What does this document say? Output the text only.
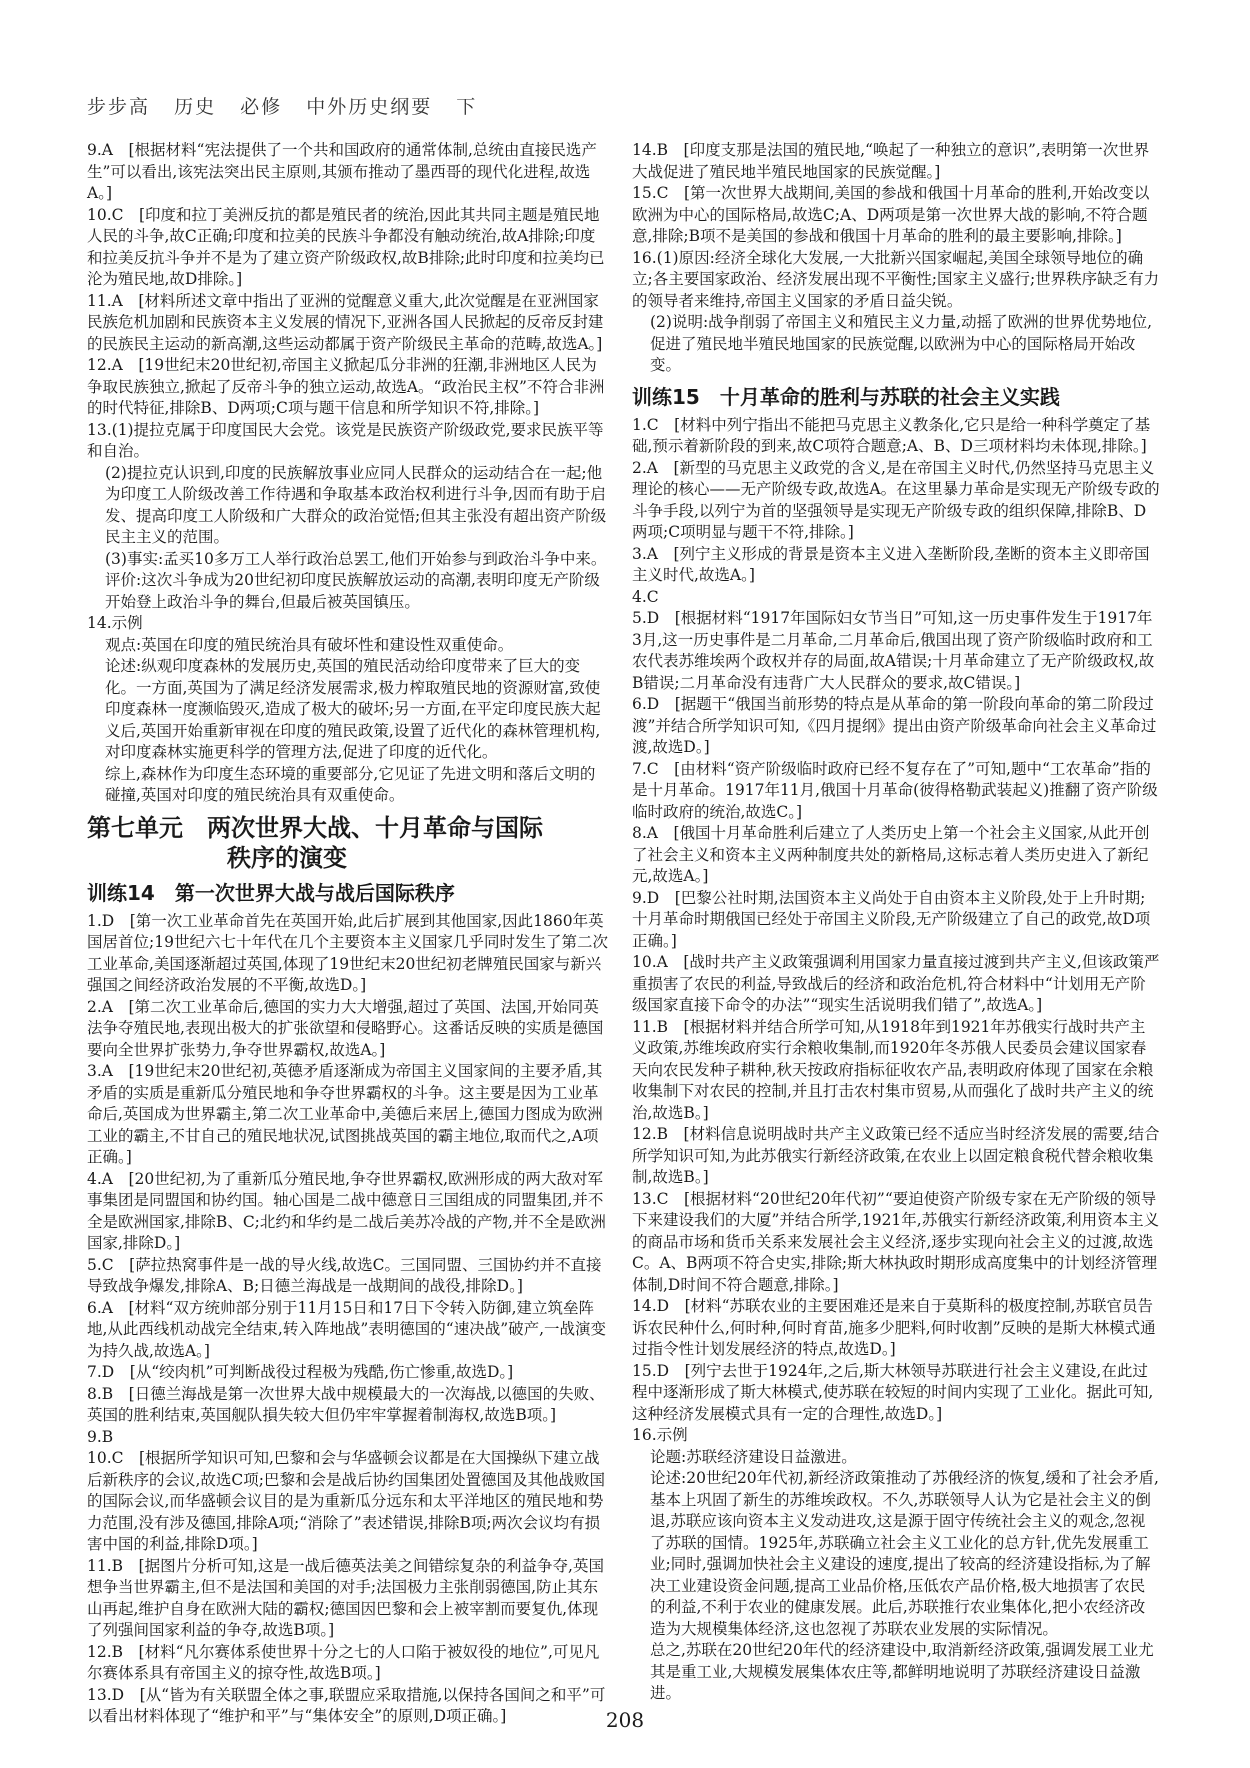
步步高 历史 必修 中外历史纲要 下

9.A　[根据材料“宪法提供了一个共和国政府的通常体制,总统由直接民选产生”可以看出,该宪法突出民主原则,其颁布推动了墨西哥的现代化进程,故选A。]

10.C　[印度和拉丁美洲反抗的都是殖民者的统治,因此其共同主题是殖民地人民的斗争,故C正确;印度和拉美的民族斗争都没有触动统治,故A排除;印度和拉美反抗斗争并不是为了建立资产阶级政权,故B排除;此时印度和拉美均已沦为殖民地,故D排除。]

11.A　[材料所述文章中指出了亚洲的觉醒意义重大,此次觉醒是在亚洲国家民族危机加剧和民族资本主义发展的情况下,亚洲各国人民掀起的反帝反封建的民族民主运动的新高潮,这些运动都属于资产阶级民主革命的范畴,故选A。]

12.A　[19世纪末20世纪初,帝国主义掀起瓜分非洲的狂潮,非洲地区人民为争取民族独立,掀起了反帝斗争的独立运动,故选A。“政治民主权”不符合非洲的时代特征,排除B、D两项;C项与题干信息和所学知识不符,排除。]

13.(1)提拉克属于印度国民大会党。该党是民族资产阶级政党,要求民族平等和自治。

(2)提拉克认识到,印度的民族解放事业应同人民群众的运动结合在一起;他为印度工人阶级改善工作待遇和争取基本政治权利进行斗争,因而有助于启发、提高印度工人阶级和广大群众的政治觉悟;但其主张没有超出资产阶级民主主义的范围。

(3)事实:孟买10多万工人举行政治总罢工,他们开始参与到政治斗争中来。评价:这次斗争成为20世纪初印度民族解放运动的高潮,表明印度无产阶级开始登上政治斗争的舞台,但最后被英国镇压。

14.示例

观点:英国在印度的殖民统治具有破坏性和建设性双重使命。

论述:纵观印度森林的发展历史,英国的殖民活动给印度带来了巨大的变化。一方面,英国为了满足经济发展需求,极力榨取殖民地的资源财富,致使印度森林一度濒临毁灭,造成了极大的破坏;另一方面,在平定印度民族大起义后,英国开始重新审视在印度的殖民政策,设置了近代化的森林管理机构,对印度森林实施更科学的管理方法,促进了印度的近代化。

综上,森林作为印度生态环境的重要部分,它见证了先进文明和落后文明的碰撞,英国对印度的殖民统治具有双重使命。

第七单元　两次世界大战、十月革命与国际
秩序的演变
训练14　第一次世界大战与战后国际秩序

1.D　[第一次工业革命首先在英国开始,此后扩展到其他国家,因此1860年英国居首位;19世纪六七十年代在几个主要资本主义国家几乎同时发生了第二次工业革命,美国逐渐超过英国,体现了19世纪末20世纪初老牌殖民国家与新兴强国之间经济政治发展的不平衡,故选D。]

2.A　[第二次工业革命后,德国的实力大大增强,超过了英国、法国,开始同英法争夺殖民地,表现出极大的扩张欲望和侵略野心。这番话反映的实质是德国要向全世界扩张势力,争夺世界霸权,故选A。]

3.A　[19世纪末20世纪初,英德矛盾逐渐成为帝国主义国家间的主要矛盾,其矛盾的实质是重新瓜分殖民地和争夺世界霸权的斗争。这主要是因为工业革命后,英国成为世界霸主,第二次工业革命中,美德后来居上,德国力图成为欧洲工业的霸主,不甘自己的殖民地状况,试图挑战英国的霸主地位,取而代之,A项正确。]

4.A　[20世纪初,为了重新瓜分殖民地,争夺世界霸权,欧洲形成的两大敌对军事集团是同盟国和协约国。轴心国是二战中德意日三国组成的同盟集团,并不全是欧洲国家,排除B、C;北约和华约是二战后美苏冷战的产物,并不全是欧洲国家,排除D。]

5.C　[萨拉热窝事件是一战的导火线,故选C。三国同盟、三国协约并不直接导致战争爆发,排除A、B;日德兰海战是一战期间的战役,排除D。]

6.A　[材料“双方统帅部分别于11月15日和17日下令转入防御,建立筑垒阵地,从此西线机动战完全结束,转入阵地战”表明德国的“速决战”破产,一战演变为持久战,故选A。]

7.D　[从“绞肉机”可判断战役过程极为残酷,伤亡惨重,故选D。]

8.B　[日德兰海战是第一次世界大战中规模最大的一次海战,以德国的失败、英国的胜利结束,英国舰队損失较大但仍牢牢掌握着制海权,故选B项。]

9.B

10.C　[根据所学知识可知,巴黎和会与华盛顿会议都是在大国操纵下建立战后新秩序的会议,故选C项;巴黎和会是战后协约国集团处置德国及其他战败国的国际会议,而华盛顿会议目的是为重新瓜分远东和太平洋地区的殖民地和势力范围,没有涉及德国,排除A项;“消除了”表述错误,排除B项;两次会议均有损害中国的利益,排除D项。]

11.B　[据图片分析可知,这是一战后德英法美之间错综复杂的利益争夺,英国想争当世界霸主,但不是法国和美国的对手;法国极力主张削弱德国,防止其东山再起,维护自身在欧洲大陆的霸权;德国因巴黎和会上被宰割而要复仇,体现了列强间国家利益的争夺,故选B项。]

12.B　[材料“凡尔赛体系使世界十分之七的人口陷于被奴役的地位”,可见凡尔赛体系具有帝国主义的掠夺性,故选B项。]

13.D　[从“皆为有关联盟全体之事,联盟应采取措施,以保持各国间之和平”可以看出材料体现了“维护和平”与“集体安全”的原则,D项正确。]

14.B　[印度支那是法国的殖民地,“唤起了一种独立的意识”,表明第一次世界大战促进了殖民地半殖民地国家的民族觉醒。]

15.C　[第一次世界大战期间,美国的参战和俄国十月革命的胜利,开始改变以欧洲为中心的国际格局,故选C;A、D两项是第一次世界大战的影响,不符合题意,排除;B项不是美国的参战和俄国十月革命的胜利的最主要影响,排除。]

16.(1)原因:经济全球化大发展,一大批新兴国家崛起,美国全球领导地位的确立;各主要国家政治、经济发展出现不平衡性;国家主义盛行;世界秩序缺乏有力的领导者来维持,帝国主义国家的矛盾日益尖锐。

(2)说明:战争削弱了帝国主义和殖民主义力量,动摇了欧洲的世界优势地位,促进了殖民地半殖民地国家的民族觉醒,以欧洲为中心的国际格局开始改变。

训练15　十月革命的胜利与苏联的社会主义实践

1.C　[材料中列宁指出不能把马克思主义教条化,它只是给一种科学奠定了基础,预示着新阶段的到来,故C项符合题意;A、B、D三项材料均未体现,排除。]

2.A　[新型的马克思主义政党的含义,是在帝国主义时代,仍然坚持马克思主义理论的核心——无产阶级专政,故选A。在这里暴力革命是实现无产阶级专政的斗争手段,以列宁为首的坚强领导是实现无产阶级专政的组织保障,排除B、D两项;C项明显与题干不符,排除。]

3.A　[列宁主义形成的背景是资本主义进入垄断阶段,垄断的资本主义即帝国主义时代,故选A。]

4.C

5.D　[根据材料“1917年国际妇女节当日”可知,这一历史事件发生于1917年3月,这一历史事件是二月革命,二月革命后,俄国出现了资产阶级临时政府和工农代表苏维埃两个政权并存的局面,故A错误;十月革命建立了无产阶级政权,故B错误;二月革命没有违背广大人民群众的要求,故C错误。]

6.D　[据题干“俄国当前形势的特点是从革命的第一阶段向革命的第二阶段过渡”并结合所学知识可知,《四月提纲》提出由资产阶级革命向社会主义革命过渡,故选D。]

7.C　[由材料“资产阶级临时政府已经不复存在了”可知,题中“工农革命”指的是十月革命。1917年11月,俄国十月革命(彼得格勒武装起义)推翻了资产阶级临时政府的统治,故选C。]

8.A　[俄国十月革命胜利后建立了人类历史上第一个社会主义国家,从此开创了社会主义和资本主义两种制度共处的新格局,这标志着人类历史进入了新纪元,故选A。]

9.D　[巴黎公社时期,法国资本主义尚处于自由资本主义阶段,处于上升时期;十月革命时期俄国已经处于帝国主义阶段,无产阶级建立了自己的政党,故D项正确。]

10.A　[战时共产主义政策强调利用国家力量直接过渡到共产主义,但该政策严重损害了农民的利益,导致战后的经济和政治危机,符合材料中“计划用无产阶级国家直接下命令的办法”“现实生活说明我们错了”,故选A。]

11.B　[根据材料并结合所学可知,从1918年到1921年苏俄实行战时共产主义政策,苏维埃政府实行余粮收集制,而1920年冬苏俄人民委员会建议国家春天向农民发种子耕种,秋天按政府指标征收农产品,表明政府体现了国家在余粮收集制下对农民的控制,并且打击农村集市贸易,从而强化了战时共产主义的统治,故选B。]

12.B　[材料信息说明战时共产主义政策已经不适应当时经济发展的需要,结合所学知识可知,为此苏俄实行新经济政策,在农业上以固定粮食税代替余粮收集制,故选B。]

13.C　[根据材料“20世纪20年代初”“要迫使资产阶级专家在无产阶级的领导下来建设我们的大厦”并结合所学,1921年,苏俄实行新经济政策,利用资本主义的商品市场和货币关系来发展社会主义经济,逐步实现向社会主义的过渡,故选C。A、B两项不符合史实,排除;斯大林执政时期形成高度集中的计划经济管理体制,D时间不符合题意,排除。]

14.D　[材料“苏联农业的主要困难还是来自于莫斯科的极度控制,苏联官员告诉农民种什么,何时种,何时育苗,施多少肥料,何时收割”反映的是斯大林模式通过指令性计划发展经济的特点,故选D。]

15.D　[列宁去世于1924年,之后,斯大林领导苏联进行社会主义建设,在此过程中逐渐形成了斯大林模式,使苏联在较短的时间内实现了工业化。据此可知,这种经济发展模式具有一定的合理性,故选D。]

16.示例

论题:苏联经济建设日益激进。

论述:20世纪20年代初,新经济政策推动了苏俄经济的恢复,缓和了社会矛盾,基本上巩固了新生的苏维埃政权。不久,苏联领导人认为它是社会主义的倒退,苏联应该向资本主义发动进攻,这是源于固守传统社会主义的观念,忽视了苏联的国情。1925年,苏联确立社会主义工业化的总方针,优先发展重工业;同时,强调加快社会主义建设的速度,提出了较高的经济建设指标,为了解决工业建设资金问题,提高工业品价格,压低农产品价格,极大地损害了农民的利益,不利于农业的健康发展。此后,苏联推行农业集体化,把小农经济改造为大规模集体经济,这也忽视了苏联农业发展的实际情况。

总之,苏联在20世纪20年代的经济建设中,取消新经济政策,强调发展工业尤其是重工业,大规模发展集体农庄等,都鲜明地说明了苏联经济建设日益激进。

208
